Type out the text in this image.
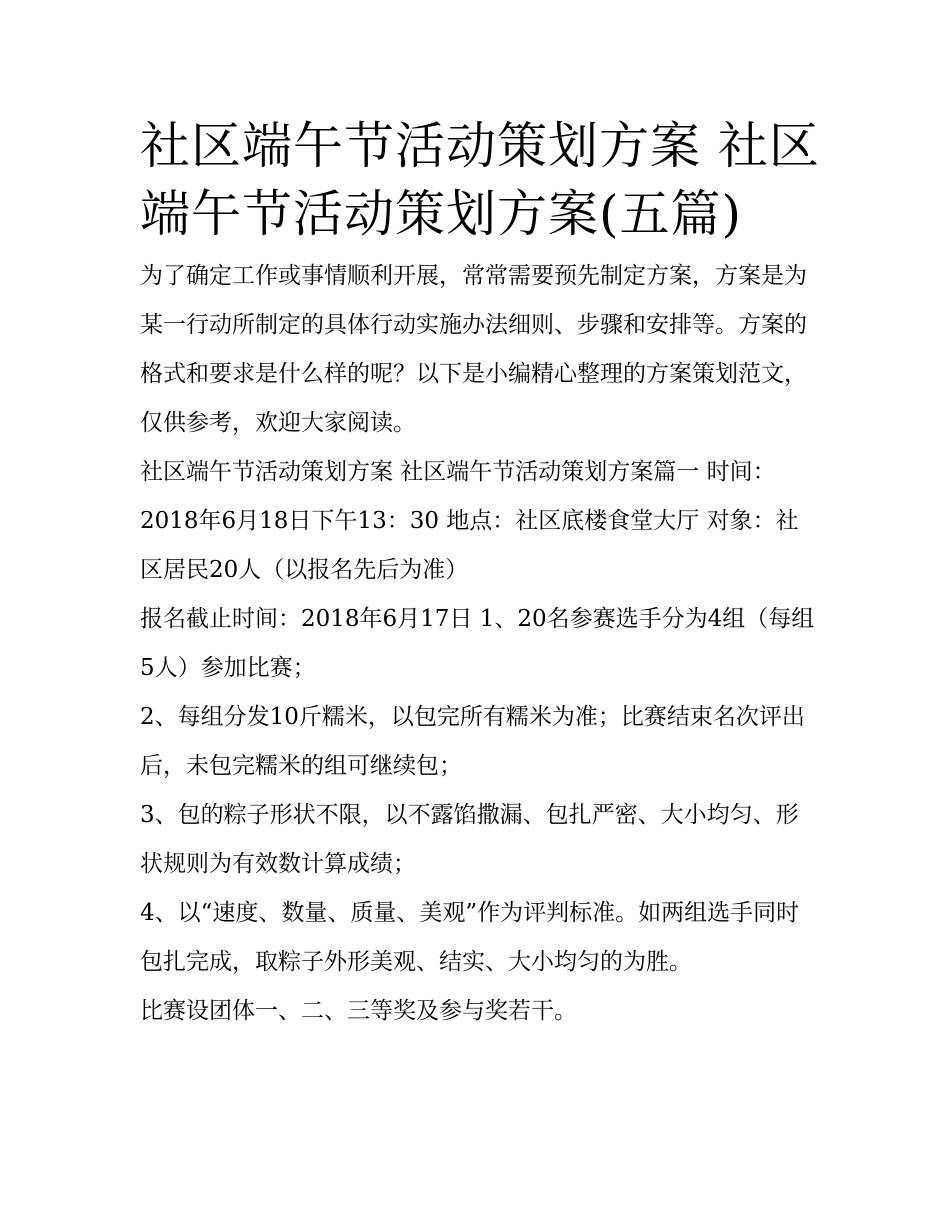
社区端午节活动策划方案 社区端午节活动策划方案(五篇)

为了确定工作或事情顺利开展，常常需要预先制定方案，方案是为某一行动所制定的具体行动实施办法细则、步骤和安排等。方案的格式和要求是什么样的呢？以下是小编精心整理的方案策划范文，仅供参考，欢迎大家阅读。

社区端午节活动策划方案 社区端午节活动策划方案篇一 时间：2018年6月18日下午13：30 地点：社区底楼食堂大厅 对象：社区居民20人（以报名先后为准）

报名截止时间：2018年6月17日 1、20名参赛选手分为4组（每组5人）参加比赛；

2、每组分发10斤糯米，以包完所有糯米为准；比赛结束名次评出后，未包完糯米的组可继续包；

3、包的粽子形状不限，以不露馅撒漏、包扎严密、大小均匀、形状规则为有效数计算成绩；

4、以“速度、数量、质量、美观”作为评判标准。如两组选手同时包扎完成，取粽子外形美观、结实、大小均匀的为胜。

比赛设团体一、二、三等奖及参与奖若干。
